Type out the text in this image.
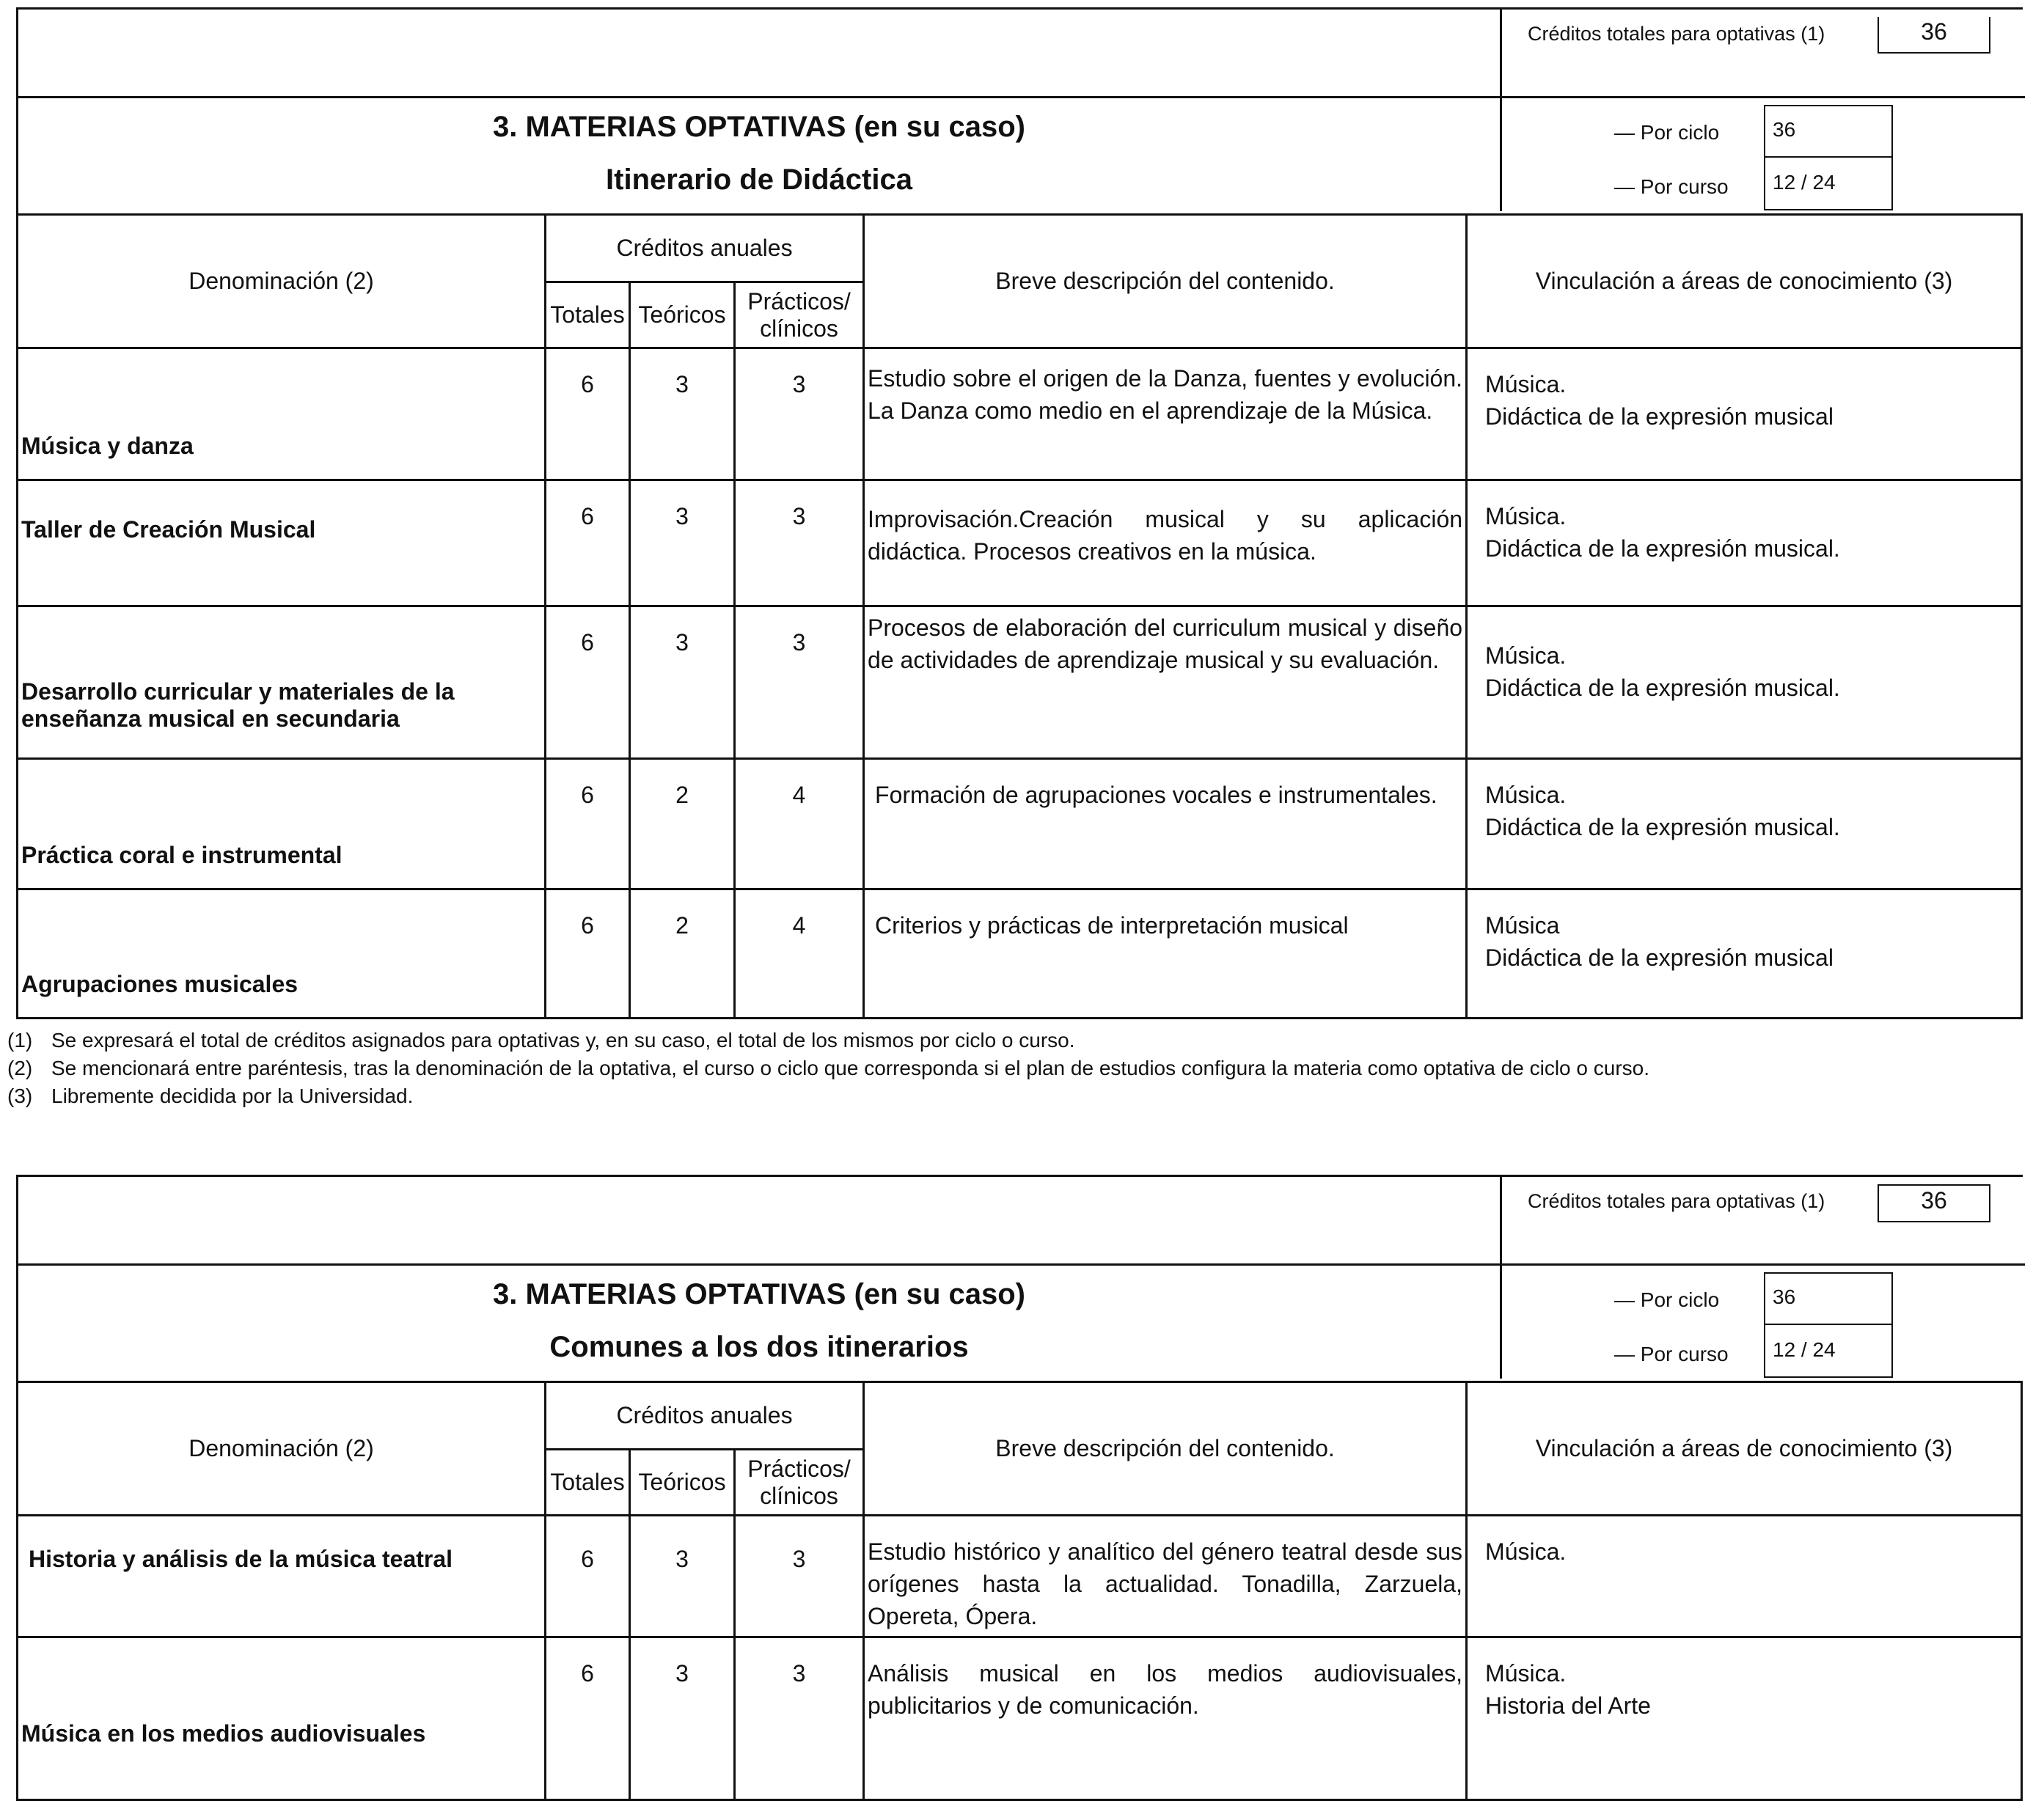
3. MATERIAS OPTATIVAS (en su caso)
Itinerario de Didáctica
Créditos totales para optativas (1)	36
— Por ciclo	36
— Por curso	12 / 24
Denominación (2)	Créditos anuales			Breve descripción del contenido.	Vinculación a áreas de conocimiento (3)
	Totales	Teóricos	Prácticos/ clínicos		
Música y danza	6	3	3	Estudio sobre el origen de la Danza, fuentes y evolución. La Danza como medio en el aprendizaje de la Música.	Música.
Didáctica de la expresión musical

Taller de Creación Musical	6	3	3	Improvisación.Creación musical y su aplicación didáctica. Procesos creativos en la música.	Música.
Didáctica de la expresión musical.

Desarrollo curricular y materiales de la enseñanza musical en secundaria	6	3	3	Procesos de elaboración del curriculum musical y diseño de actividades de aprendizaje musical y su evaluación.	Música.
Didáctica de la expresión musical.

Práctica coral e instrumental	6	2	4	Formación de agrupaciones vocales e instrumentales.	Música.
Didáctica de la expresión musical.

Agrupaciones musicales	6	2	4	Criterios y prácticas de interpretación musical	Música
Didáctica de la expresión musical
(1) Se expresará el total de créditos asignados para optativas y, en su caso, el total de los mismos por ciclo o curso.
(2) Se mencionará entre paréntesis, tras la denominación de la optativa, el curso o ciclo que corresponda si el plan de estudios configura la materia como optativa de ciclo o curso.
(3) Libremente decidida por la Universidad.
3. MATERIAS OPTATIVAS (en su caso)
Comunes a los dos itinerarios
Créditos totales para optativas (1)	36
— Por ciclo	36
— Por curso	12 / 24
Denominación (2)	Créditos anuales			Breve descripción del contenido.	Vinculación a áreas de conocimiento (3)
	Totales	Teóricos	Prácticos/ clínicos		
Historia y análisis de la música teatral	6	3	3	Estudio histórico y analítico del género teatral desde sus orígenes hasta la actualidad. Tonadilla, Zarzuela, Opereta, Ópera.	Música.

Música en los medios audiovisuales	6	3	3	Análisis musical en los medios audiovisuales, publicitarios y de comunicación.	Música.
Historia del Arte
